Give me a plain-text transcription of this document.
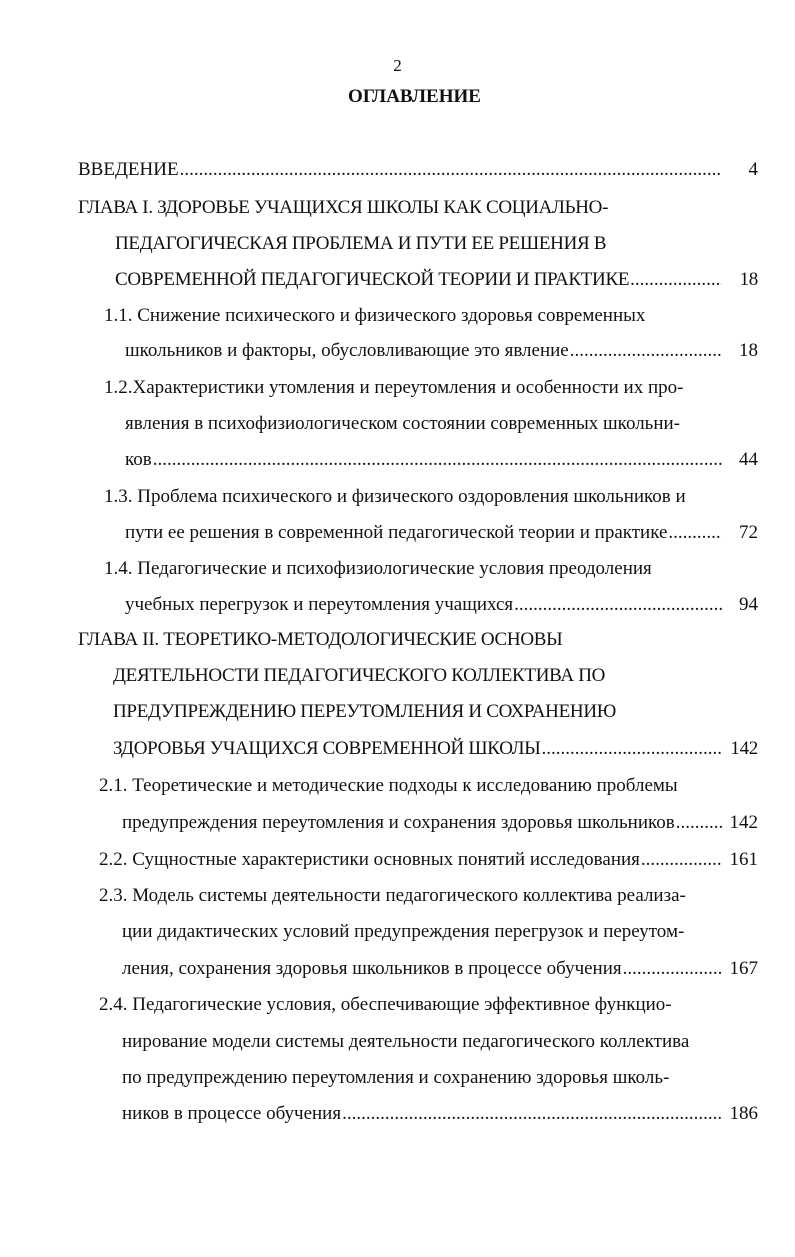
2
ОГЛАВЛЕНИЕ
ВВЕДЕНИЕ .....	4
ГЛАВА I. ЗДОРОВЬЕ УЧАЩИХСЯ ШКОЛЫ КАК СОЦИАЛЬНО-
ПЕДАГОГИЧЕСКАЯ ПРОБЛЕМА И ПУТИ ЕЕ РЕШЕНИЯ В
СОВРЕМЕННОЙ ПЕДАГОГИЧЕСКОЙ ТЕОРИИ И ПРАКТИКЕ .....	18
1.1. Снижение психического и физического здоровья современных
школьников и факторы, обусловливающие это явление .....	18
1.2.Характеристики утомления и переутомления и особенности их про-
явления в психофизиологическом состоянии современных школьни-
ков .....	44
1.3. Проблема психического и физического оздоровления школьников и
пути ее решения в современной педагогической теории и практике .....	72
1.4. Педагогические и психофизиологические условия преодоления
учебных перегрузок и переутомления учащихся .....	94
ГЛАВА II. ТЕОРЕТИКО-МЕТОДОЛОГИЧЕСКИЕ ОСНОВЫ
ДЕЯТЕЛЬНОСТИ ПЕДАГОГИЧЕСКОГО КОЛЛЕКТИВА ПО
ПРЕДУПРЕЖДЕНИЮ ПЕРЕУТОМЛЕНИЯ И СОХРАНЕНИЮ
ЗДОРОВЬЯ УЧАЩИХСЯ СОВРЕМЕННОЙ ШКОЛЫ .....	142
2.1. Теоретические и методические подходы к исследованию проблемы
предупреждения переутомления и сохранения здоровья школьников .....	142
2.2. Сущностные характеристики основных понятий исследования .....	161
2.3. Модель системы деятельности педагогического коллектива реализа-
ции дидактических условий предупреждения перегрузок и переутом-
ления, сохранения здоровья школьников в процессе обучения .....	167
2.4. Педагогические условия, обеспечивающие эффективное функцио-
нирование модели системы деятельности педагогического коллектива
по предупреждению переутомления и сохранению здоровья школь-
ников в процессе обучения .....	186
